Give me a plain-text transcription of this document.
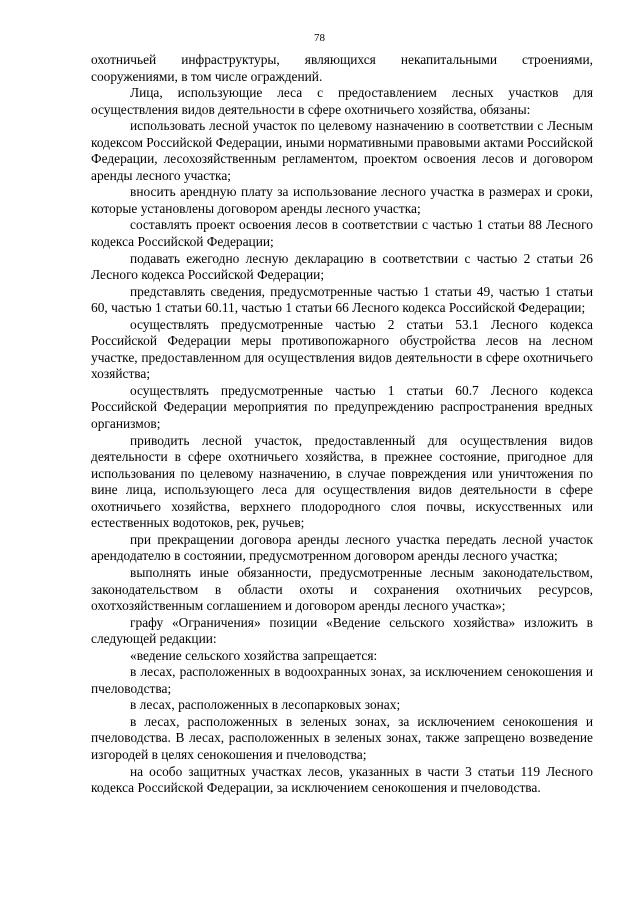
78

охотничьей инфраструктуры, являющихся некапитальными строениями, сооружениями, в том числе ограждений.

Лица, использующие леса с предоставлением лесных участков для осуществления видов деятельности в сфере охотничьего хозяйства, обязаны:

использовать лесной участок по целевому назначению в соответствии с Лесным кодексом Российской Федерации, иными нормативными правовыми актами Российской Федерации, лесохозяйственным регламентом, проектом освоения лесов и договором аренды лесного участка;

вносить арендную плату за использование лесного участка в размерах и сроки, которые установлены договором аренды лесного участка;

составлять проект освоения лесов в соответствии с частью 1 статьи 88 Лесного кодекса Российской Федерации;

подавать ежегодно лесную декларацию в соответствии с частью 2 статьи 26 Лесного кодекса Российской Федерации;

представлять сведения, предусмотренные частью 1 статьи 49, частью 1 статьи 60, частью 1 статьи 60.11, частью 1 статьи 66 Лесного кодекса Российской Федерации;

осуществлять предусмотренные частью 2 статьи 53.1 Лесного кодекса Российской Федерации меры противопожарного обустройства лесов на лесном участке, предоставленном для осуществления видов деятельности в сфере охотничьего хозяйства;

осуществлять предусмотренные частью 1 статьи 60.7 Лесного кодекса Российской Федерации мероприятия по предупреждению распространения вредных организмов;

приводить лесной участок, предоставленный для осуществления видов деятельности в сфере охотничьего хозяйства, в прежнее состояние, пригодное для использования по целевому назначению, в случае повреждения или уничтожения по вине лица, использующего леса для осуществления видов деятельности в сфере охотничьего хозяйства, верхнего плодородного слоя почвы, искусственных или естественных водотоков, рек, ручьев;

при прекращении договора аренды лесного участка передать лесной участок арендодателю в состоянии, предусмотренном договором аренды лесного участка;

выполнять иные обязанности, предусмотренные лесным законодательством, законодательством в области охоты и сохранения охотничьих ресурсов, охотхозяйственным соглашением и договором аренды лесного участка»;

графу «Ограничения» позиции «Ведение сельского хозяйства» изложить в следующей редакции:

«ведение сельского хозяйства запрещается:

в лесах, расположенных в водоохранных зонах, за исключением сенокошения и пчеловодства;

в лесах, расположенных в лесопарковых зонах;

в лесах, расположенных в зеленых зонах, за исключением сенокошения и пчеловодства. В лесах, расположенных в зеленых зонах, также запрещено возведение изгородей в целях сенокошения и пчеловодства;

на особо защитных участках лесов, указанных в части 3 статьи 119 Лесного кодекса Российской Федерации, за исключением сенокошения и пчеловодства.
